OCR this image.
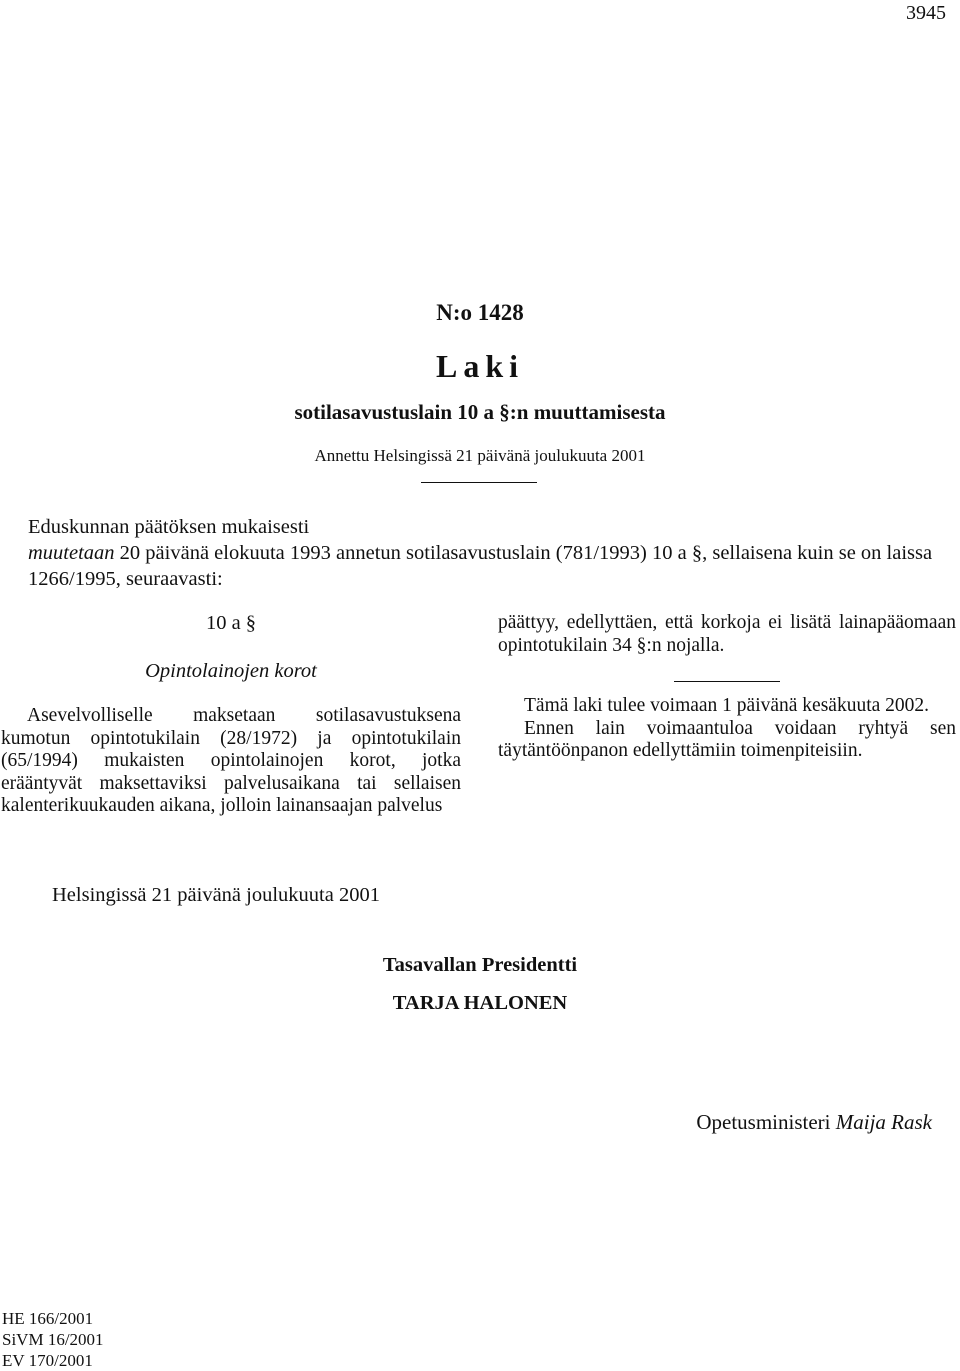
3945
N:o 1428
Laki
sotilasavustuslain 10 a §:n muuttamisesta
Annettu Helsingissä 21 päivänä joulukuuta 2001

Eduskunnan päätöksen mukaisesti

muutetaan 20 päivänä elokuuta 1993 annetun sotilasavustuslain (781/1993) 10 a §, sellaisena kuin se on laissa 1266/1995, seuraavasti:

10 a §
Opintolainojen korot

Asevelvolliselle maksetaan sotilasavustuksena kumotun opintotukilain (28/1972) ja opintotukilain (65/1994) mukaisten opintolainojen korot, jotka erääntyvät maksettaviksi palvelusaikana tai sellaisen kalenterikuukauden aikana, jolloin lainansaajan palvelus

päättyy, edellyttäen, että korkoja ei lisätä lainapääomaan opintotukilain 34 §:n nojalla.

Tämä laki tulee voimaan 1 päivänä kesäkuuta 2002.

Ennen lain voimaantuloa voidaan ryhtyä sen täytäntöönpanon edellyttämiin toimenpiteisiin.

Helsingissä 21 päivänä joulukuuta 2001
Tasavallan Presidentti
TARJA HALONEN
Opetusministeri Maija Rask
HE 166/2001
SiVM 16/2001
EV 170/2001
